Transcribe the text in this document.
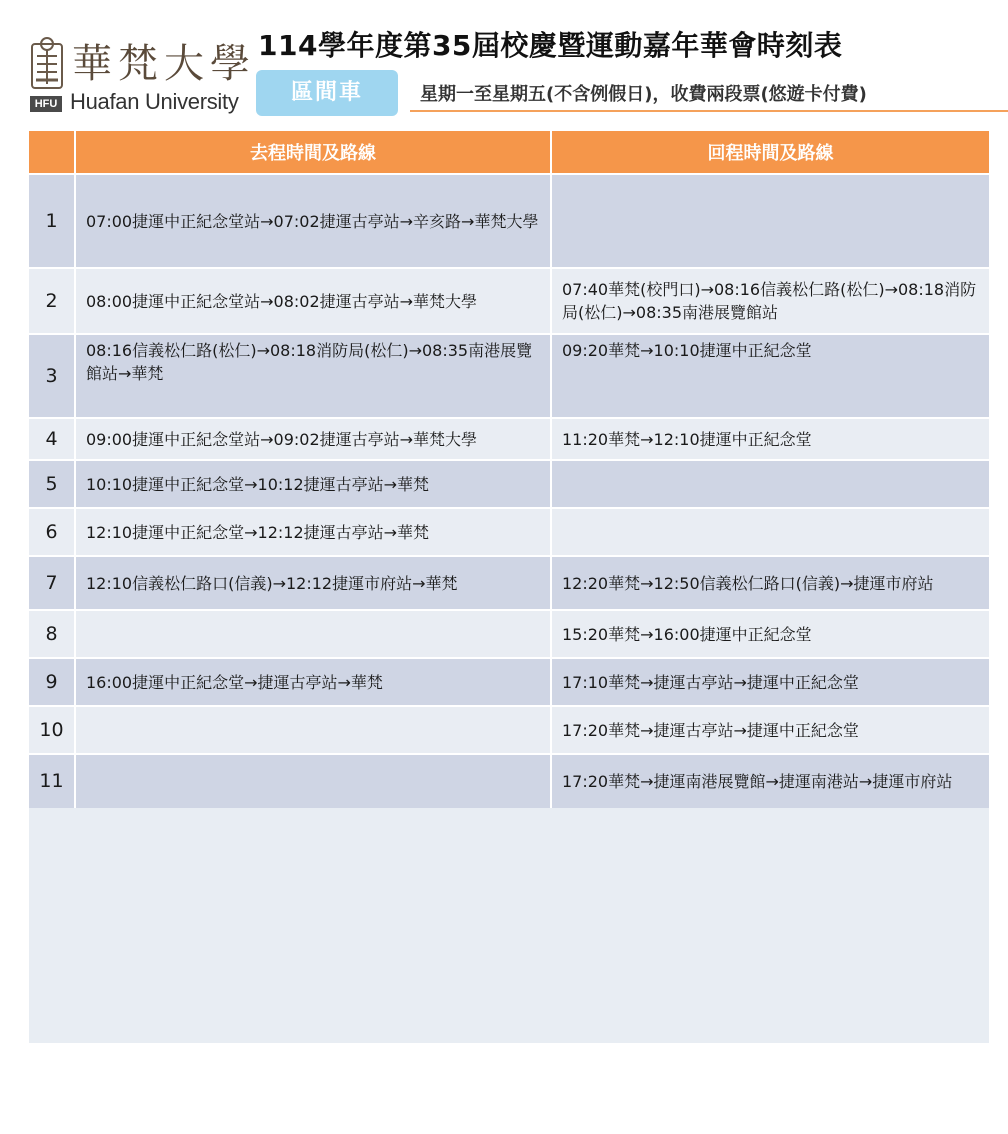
華梵大學
HFU Huafan University
114學年度第35屆校慶暨運動嘉年華會時刻表
區間車	星期一至星期五(不含例假日)，收費兩段票(悠遊卡付費)
	去程時間及路線	回程時間及路線
1	07:00捷運中正紀念堂站→07:02捷運古亭站→辛亥路→華梵大學	
2	08:00捷運中正紀念堂站→08:02捷運古亭站→華梵大學	07:40華梵(校門口)→08:16信義松仁路(松仁)→08:18消防局(松仁)→08:35南港展覽館站
3	08:16信義松仁路(松仁)→08:18消防局(松仁)→08:35南港展覽館站→華梵	09:20華梵→10:10捷運中正紀念堂
4	09:00捷運中正紀念堂站→09:02捷運古亭站→華梵大學	11:20華梵→12:10捷運中正紀念堂
5	10:10捷運中正紀念堂→10:12捷運古亭站→華梵	
6	12:10捷運中正紀念堂→12:12捷運古亭站→華梵	
7	12:10信義松仁路口(信義)→12:12捷運市府站→華梵	12:20華梵→12:50信義松仁路口(信義)→捷運市府站
8		15:20華梵→16:00捷運中正紀念堂
9	16:00捷運中正紀念堂→捷運古亭站→華梵	17:10華梵→捷運古亭站→捷運中正紀念堂
10		17:20華梵→捷運古亭站→捷運中正紀念堂
11		17:20華梵→捷運南港展覽館→捷運南港站→捷運市府站
